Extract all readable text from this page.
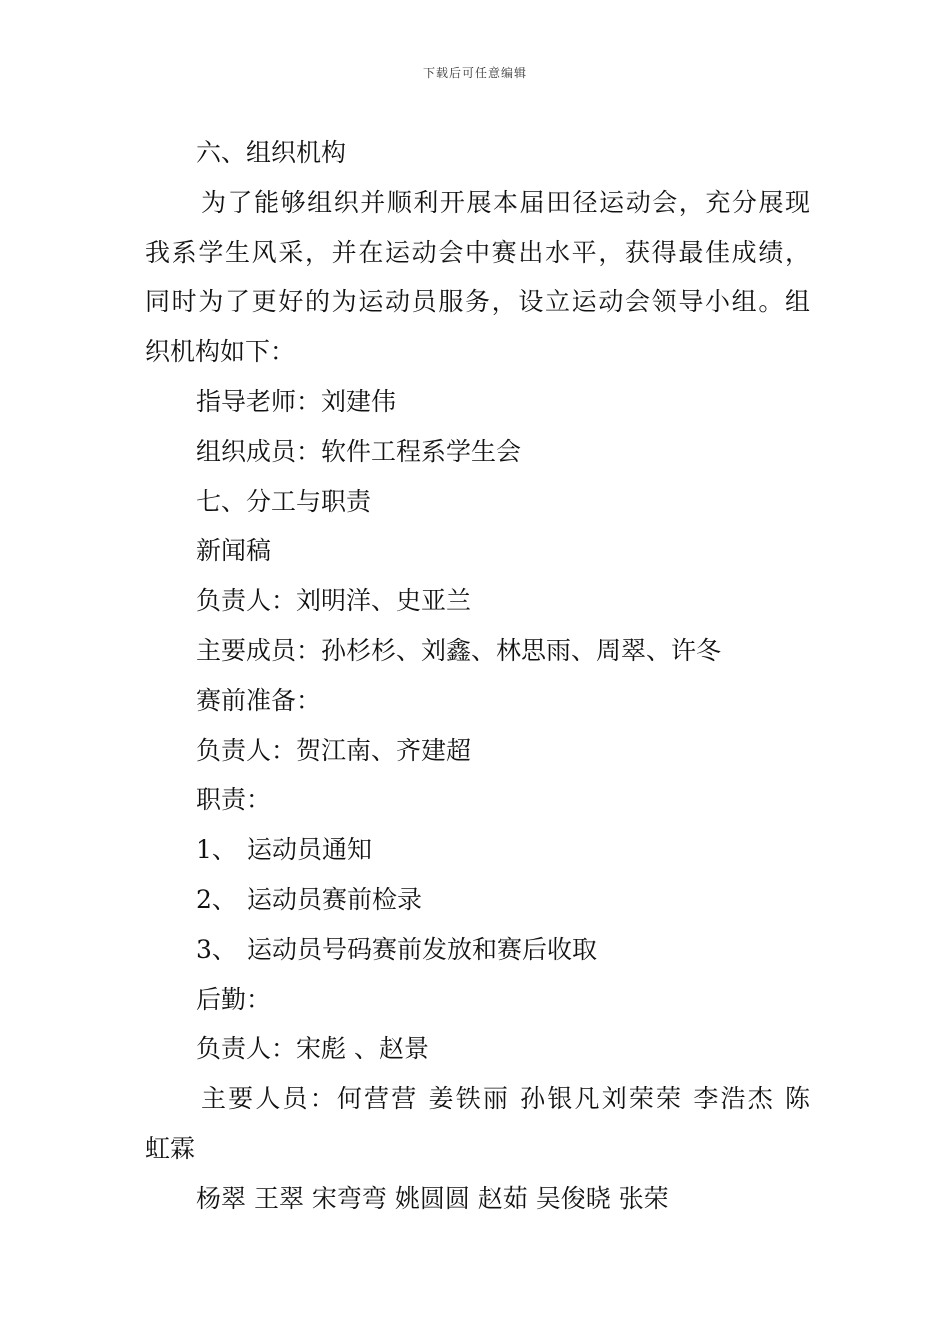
下载后可任意编辑
六、组织机构
为了能够组织并顺利开展本届田径运动会，充分展现
我系学生风采，并在运动会中赛出水平，获得最佳成绩，
同时为了更好的为运动员服务，设立运动会领导小组。组
织机构如下：
指导老师：刘建伟
组织成员：软件工程系学生会
七、分工与职责
新闻稿
负责人：刘明洋、史亚兰
主要成员：孙杉杉、刘鑫、林思雨、周翠、许冬
赛前准备：
负责人：贺江南、齐建超
职责：
1、 运动员通知
2、 运动员赛前检录
3、 运动员号码赛前发放和赛后收取
后勤：
负责人：宋彪 、赵景
主要人员：何营营 姜铁丽 孙银凡刘荣荣 李浩杰 陈
虹霖
杨翠 王翠 宋弯弯 姚圆圆 赵茹 吴俊晓 张荣
